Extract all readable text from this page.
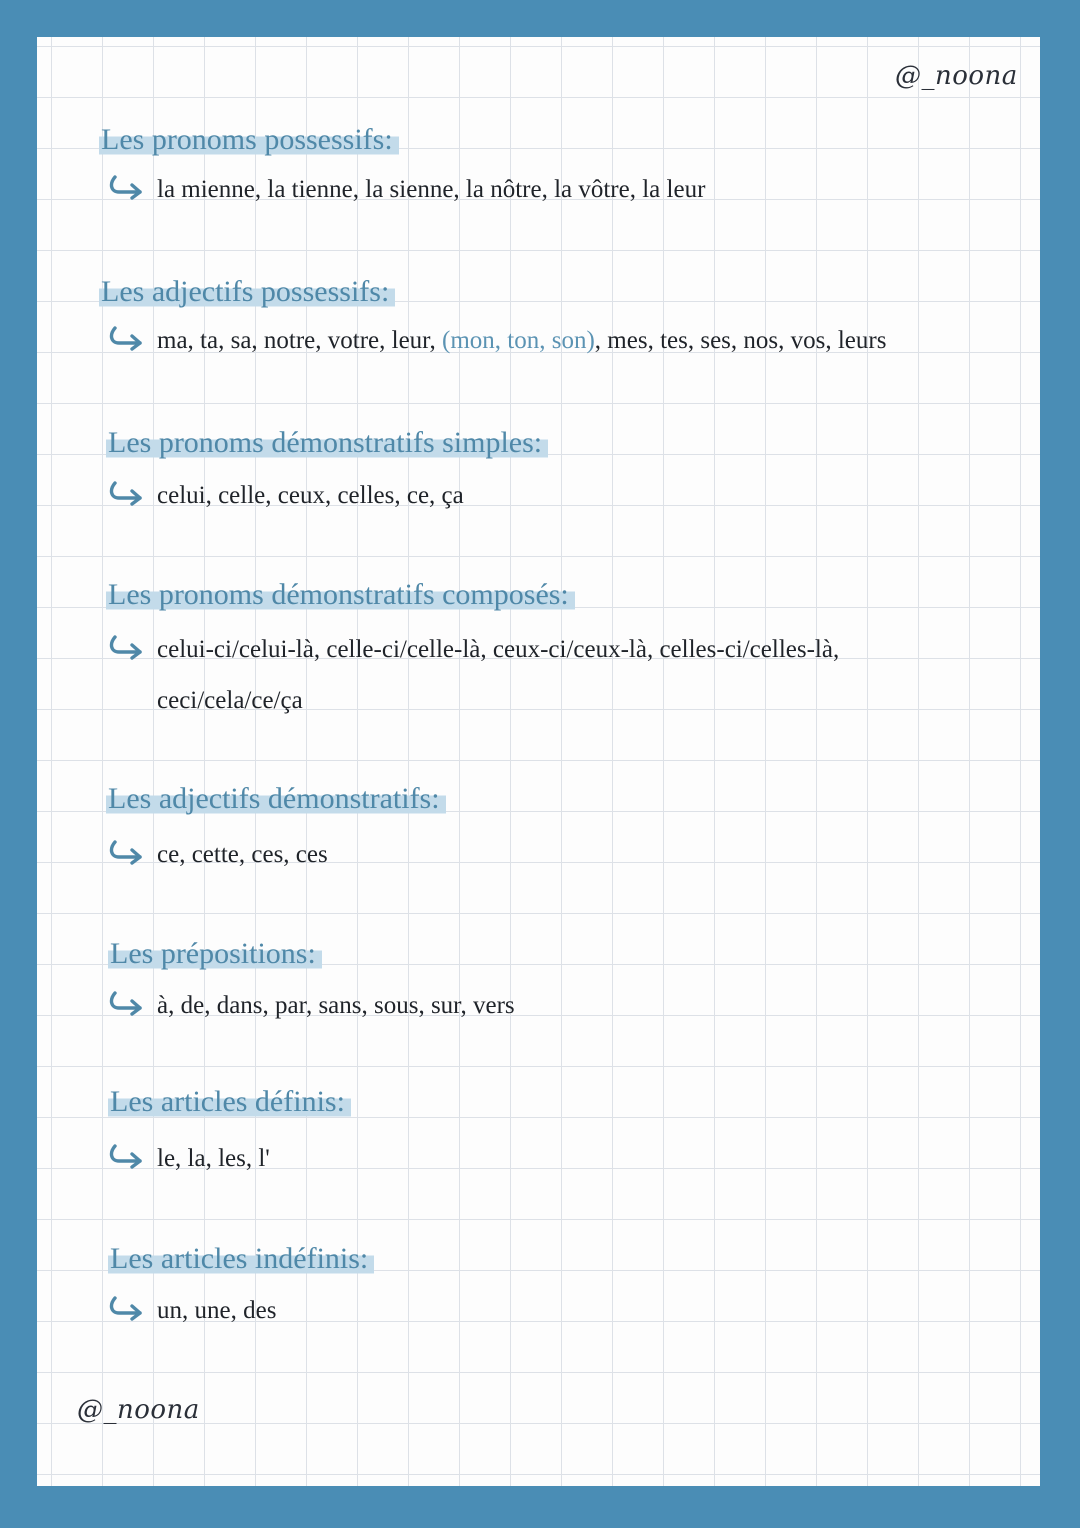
@_noona
Les pronoms possessifs:
la mienne, la tienne, la sienne, la nôtre, la vôtre, la leur
Les adjectifs possessifs:
ma, ta, sa, notre, votre, leur, (mon, ton, son), mes, tes, ses, nos, vos, leurs
Les pronoms démonstratifs simples:
celui, celle, ceux, celles, ce, ça
Les pronoms démonstratifs composés:
celui-ci/celui-là, celle-ci/celle-là, ceux-ci/ceux-là, celles-ci/celles-là,
ceci/cela/ce/ça
Les adjectifs démonstratifs:
ce, cette, ces, ces
Les prépositions:
à, de, dans, par, sans, sous, sur, vers
Les articles définis:
le, la, les, l'
Les articles indéfinis:
un, une, des
@_noona
